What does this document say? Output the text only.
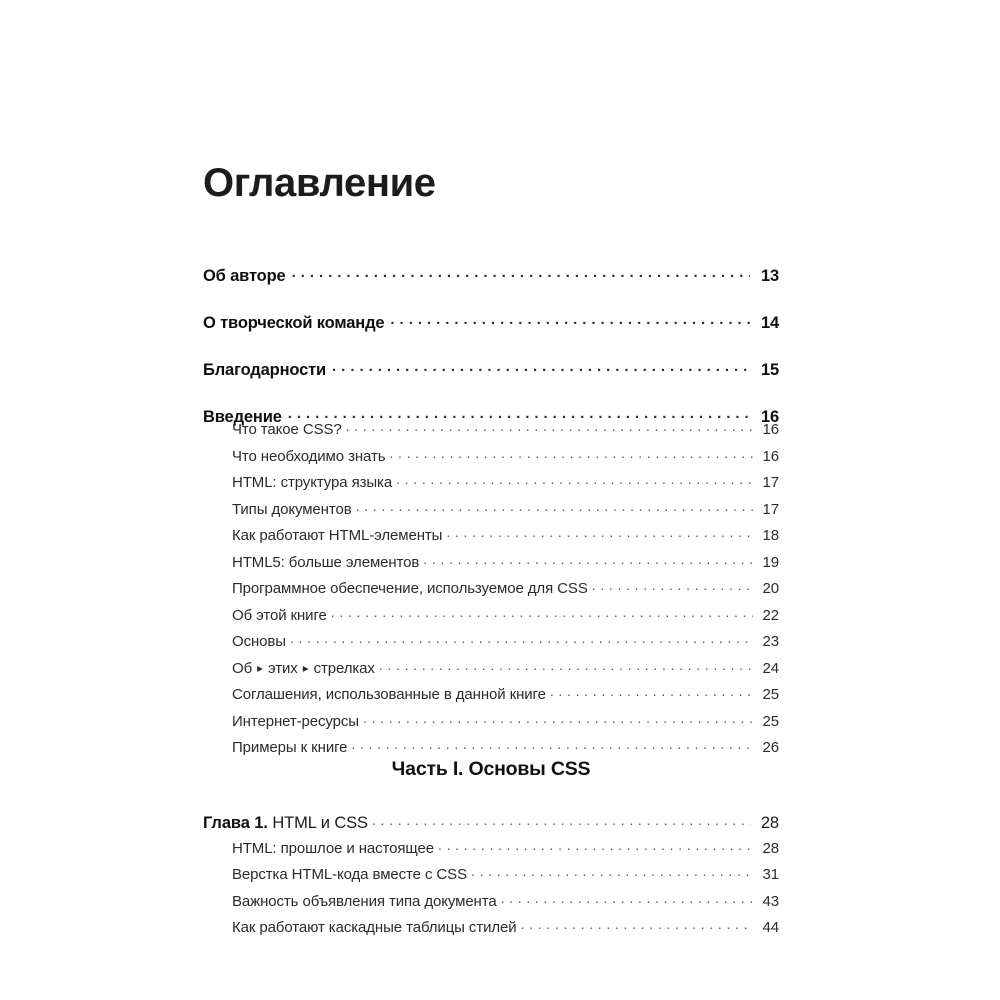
Оглавление
Об авторе . . .	13
О творческой команде . . .	14
Благодарности . . .	15
Введение . . .	16
Что такое CSS? . . .	16
Что необходимо знать . . .	16
HTML: структура языка . . .	17
Типы документов . . .	17
Как работают HTML-элементы . . .	18
HTML5: больше элементов . . .	19
Программное обеспечение, используемое для CSS . . .	20
Об этой книге . . .	22
Основы . . .	23
Об ▸ этих ▸ стрелках . . .	24
Соглашения, использованные в данной книге . . .	25
Интернет-ресурсы . . .	25
Примеры к книге . . .	26
Часть I. Основы CSS
Глава 1. HTML и CSS . . .	28
HTML: прошлое и настоящее . . .	28
Верстка HTML-кода вместе с CSS . . .	31
Важность объявления типа документа . . .	43
Как работают каскадные таблицы стилей . . .	44
